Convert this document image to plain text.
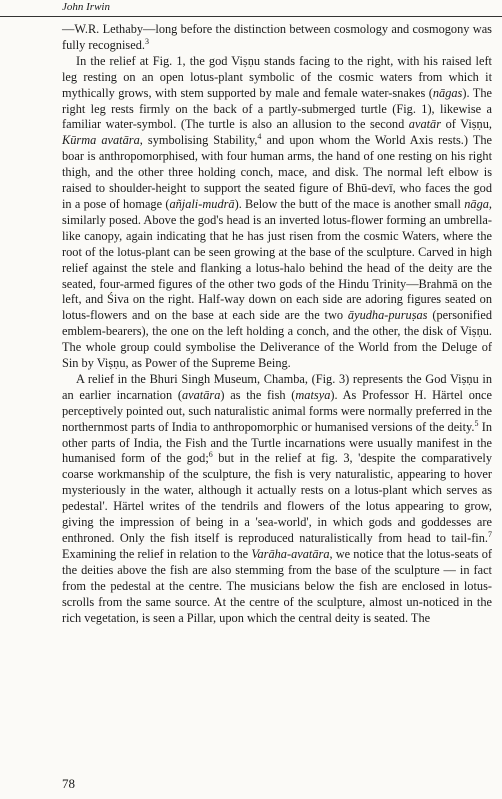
John Irwin

—W.R. Lethaby—long before the distinction between cosmology and cosmogony was fully recognised.$^3$

In the relief at Fig. 1, the god Viṣṇu stands facing to the right, with his raised left leg resting on an open lotus-plant symbolic of the cosmic waters from which it mythically grows, with stem supported by male and female water-snakes (nāgas). The right leg rests firmly on the back of a partly-submerged turtle (Fig. 1), likewise a familiar water-symbol. (The turtle is also an allusion to the second avatār of Viṣṇu, Kūrma avatāra, symbolising Stability,$^4$ and upon whom the World Axis rests.) The boar is anthropomorphised, with four human arms, the hand of one resting on his right thigh, and the other three holding conch, mace, and disk. The normal left elbow is raised to shoulder-height to support the seated figure of Bhū-devī, who faces the god in a pose of homage (añjali-mudrā). Below the butt of the mace is another small nāga, similarly posed. Above the god's head is an inverted lotus-flower forming an umbrella-like canopy, again indicating that he has just risen from the cosmic Waters, where the root of the lotus-plant can be seen growing at the base of the sculpture. Carved in high relief against the stele and flanking a lotus-halo behind the head of the deity are the seated, four-armed figures of the other two gods of the Hindu Trinity—Brahmā on the left, and Śiva on the right. Half-way down on each side are adoring figures seated on lotus-flowers and on the base at each side are the two āyudha-puruṣas (personified emblem-bearers), the one on the left holding a conch, and the other, the disk of Viṣṇu. The whole group could symbolise the Deliverance of the World from the Deluge of Sin by Viṣṇu, as Power of the Supreme Being.

A relief in the Bhuri Singh Museum, Chamba, (Fig. 3) represents the God Viṣṇu in an earlier incarnation (avatāra) as the fish (matsya). As Professor H. Härtel once perceptively pointed out, such naturalistic animal forms were normally preferred in the northernmost parts of India to anthropomorphic or humanised versions of the deity.$^5$ In other parts of India, the Fish and the Turtle incarnations were usually manifest in the humanised form of the god;$^6$ but in the relief at fig. 3, 'despite the comparatively coarse workmanship of the sculpture, the fish is very naturalistic, appearing to hover mysteriously in the water, although it actually rests on a lotus-plant which serves as pedestal'. Härtel writes of the tendrils and flowers of the lotus appearing to grow, giving the impression of being in a 'sea-world', in which gods and goddesses are enthroned. Only the fish itself is reproduced naturalistically from head to tail-fin.$^7$ Examining the relief in relation to the Varāha-avatāra, we notice that the lotus-seats of the deities above the fish are also stemming from the base of the sculpture — in fact from the pedestal at the centre. The musicians below the fish are enclosed in lotus-scrolls from the same source. At the centre of the sculpture, almost un-noticed in the rich vegetation, is seen a Pillar, upon which the central deity is seated. The

78
